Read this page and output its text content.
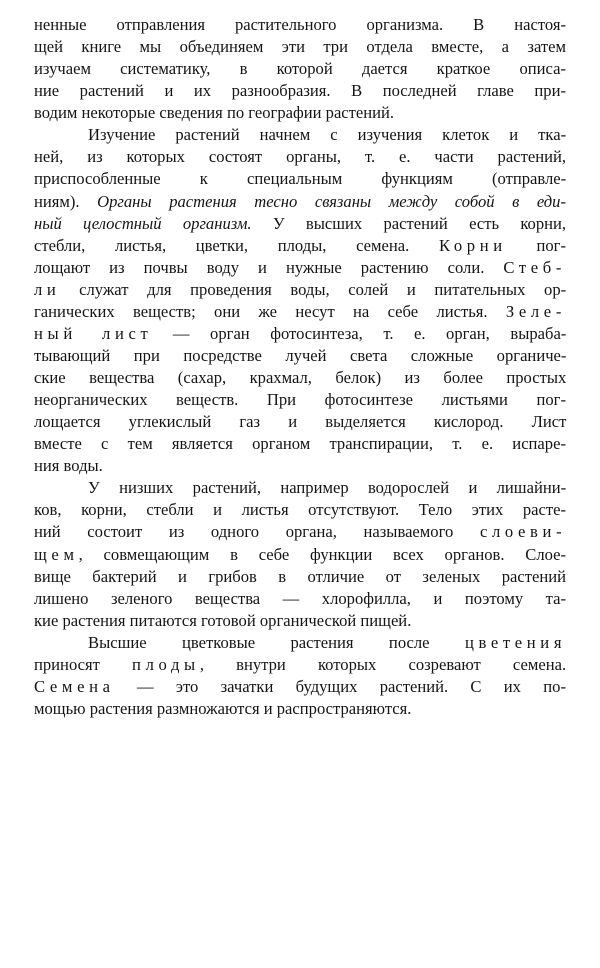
ненные отправления растительного организма. В настоя-
щей книге мы объединяем эти три отдела вместе, а затем
изучаем систематику, в которой дается краткое описа-
ние растений и их разнообразия. В последней главе при-
водим некоторые сведения по географии растений.
Изучение растений начнем с изучения клеток и тка-
ней, из которых состоят органы, т. е. части растений,
приспособленные к специальным функциям (отправле-
ниям). Органы растения тесно связаны между собой в еди-
ный целостный организм. У высших растений есть корни,
стебли, листья, цветки, плоды, семена. Корни пог-
лощают из почвы воду и нужные растению соли. Стеб-
ли служат для проведения воды, солей и питательных ор-
ганических веществ; они же несут на себе листья. Зеле-
ный лист — орган фотосинтеза, т. е. орган, выраба-
тывающий при посредстве лучей света сложные органиче-
ские вещества (сахар, крахмал, белок) из более простых
неорганических веществ. При фотосинтезе листьями пог-
лощается углекислый газ и выделяется кислород. Лист
вместе с тем является органом транспирации, т. е. испаре-
ния воды.
У низших растений, например водорослей и лишайни-
ков, корни, стебли и листья отсутствуют. Тело этих расте-
ний состоит из одного органа, называемого слоеви-
щем, совмещающим в себе функции всех органов. Слое-
вище бактерий и грибов в отличие от зеленых растений
лишено зеленого вещества — хлорофилла, и поэтому та-
кие растения питаются готовой органической пищей.
Высшие цветковые растения после цветения
приносят плоды, внутри которых созревают семена.
Семена — это зачатки будущих растений. С их по-
мощью растения размножаются и распространяются.
